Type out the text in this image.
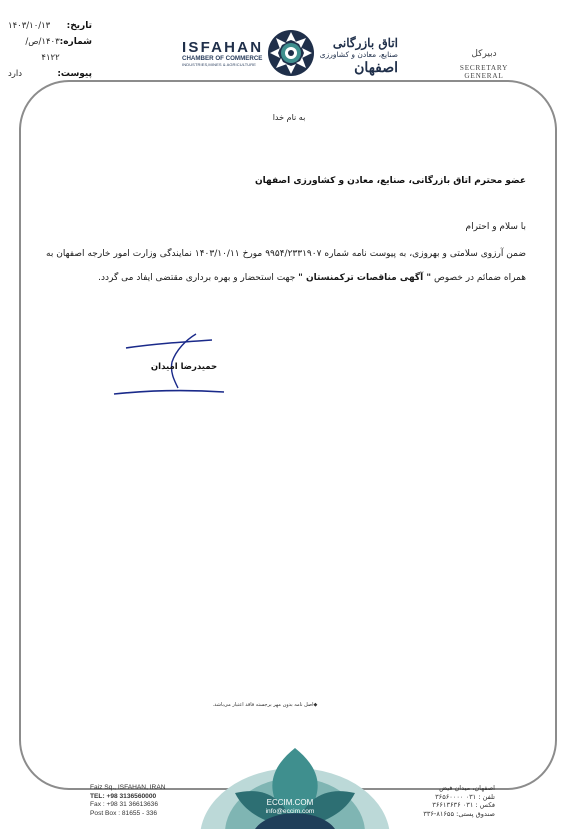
تاریخ:
۱۴۰۳/۱۰/۱۳
شماره:
۱۴۰۳/ص/۴۱۲۲
پیوست:
دارد
ISFAHAN
CHAMBER OF COMMERCE
INDUSTRIES,MINES & AGRICULTURE
اتاق بازرگانی
صنایع، معادن و کشاورزی
اصفهان
دبیرکل
SECRETARY GENERAL
به نام خدا
عضو محترم اتاق بازرگانی، صنایع، معادن و کشاورزی اصفهان
با سلام و احترام
ضمن آرزوی سلامتی و بهروزی، به پیوست نامه شماره ۹۹۵۴/۲۳۳۱۹۰۷ مورخ ۱۴۰۳/۱۰/۱۱ نمایندگی وزارت امور خارجه اصفهان به همراه ضمائم در خصوص " آگهی مناقصات ترکمنستان " جهت استحضار و بهره برداری مقتضی ایفاد می گردد.
حمیدرضا امیدان
◆اصل نامه بدون مهر برجسته فاقد اعتبار می‌باشد.
Faiz Sq., ISFAHAN, IRAN
TEL: +98 3136560000
Fax : +98 31 36613636
Post Box : 81655 - 336
ECCIM.COM
info@eccim.com
اصفهان، میدان فیض
تلفن : ۰۳۱ ۳۶۵۶۰۰۰۰
فکس : ۰۳۱ ۳۶۶۱۳۶۳۶
صندوق پستی: ۸۱۶۵۵-۳۳۶
